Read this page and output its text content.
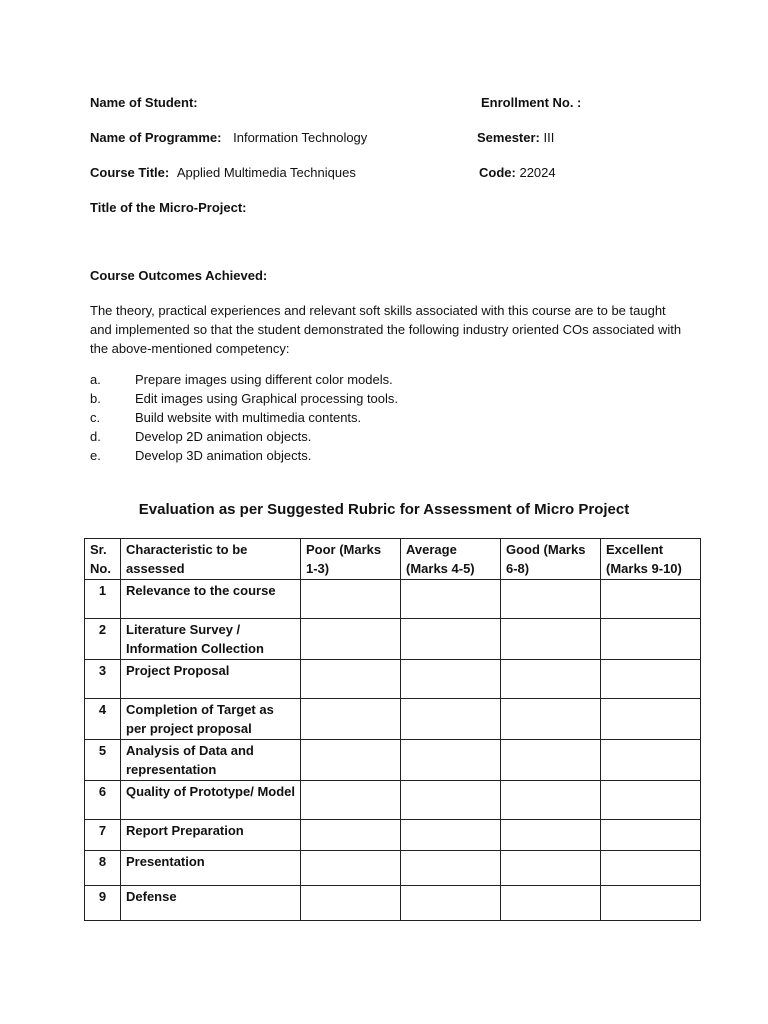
Name of Student:	Enrollment No. :
Name of Programme: Information Technology	Semester: III
Course Title: Applied Multimedia Techniques	Code: 22024
Title of the Micro-Project:
Course Outcomes Achieved:
The theory, practical experiences and relevant soft skills associated with this course are to be taught and implemented so that the student demonstrated the following industry oriented COs associated with the above-mentioned competency:
a.	Prepare images using different color models.
b.	Edit images using Graphical processing tools.
c.	Build website with multimedia contents.
d.	Develop 2D animation objects.
e.	Develop 3D animation objects.
Evaluation as per Suggested Rubric for Assessment of Micro Project
Sr. No.	Characteristic to be assessed	Poor (Marks 1-3)	Average (Marks 4-5)	Good (Marks 6-8)	Excellent (Marks 9-10)
1	Relevance to the course				
2	Literature Survey / Information Collection				
3	Project Proposal				
4	Completion of Target as per project proposal				
5	Analysis of Data and representation				
6	Quality of Prototype/ Model				
7	Report Preparation				
8	Presentation				
9	Defense				
